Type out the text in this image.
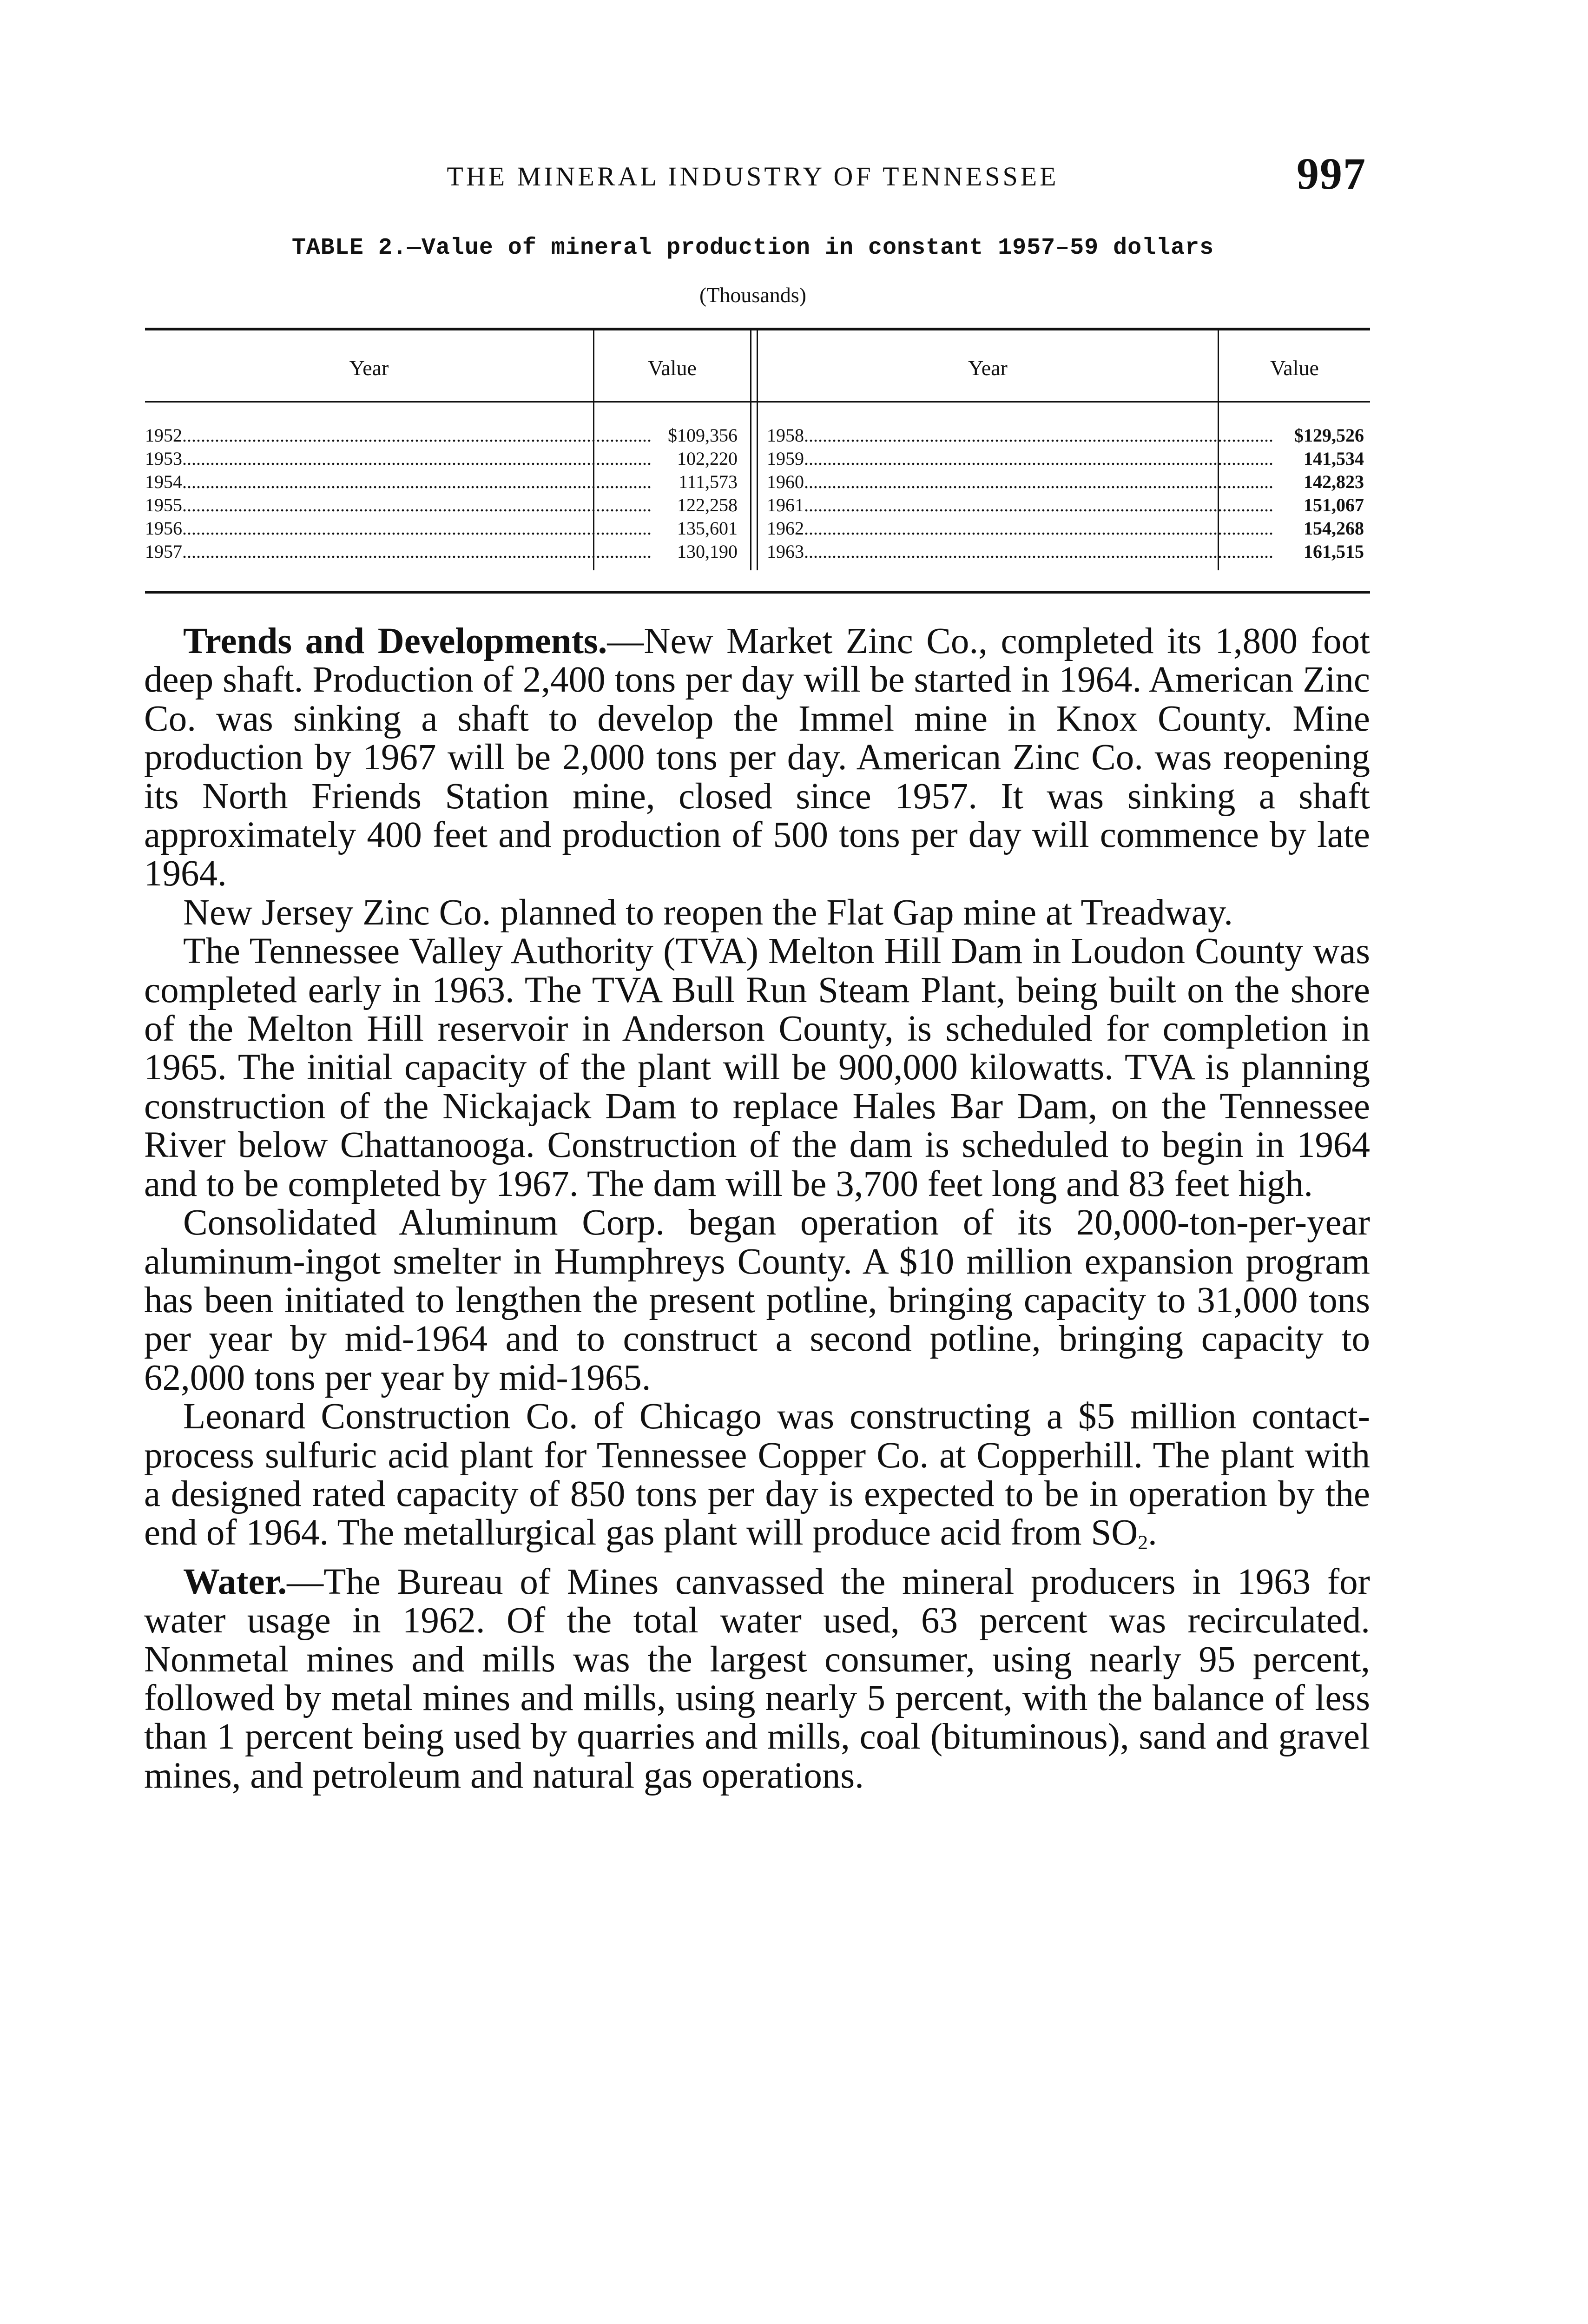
THE MINERAL INDUSTRY OF TENNESSEE	997
TABLE 2.—Value of mineral production in constant 1957–59 dollars
(Thousands)
Year	Value	Year	Value
1952..................................................................................................... $109,356 1958.....................................................................................................	$129,526
1953.....................................................................................................	102,220 1959.....................................................................................................	141,534
1954.....................................................................................................	111,573 1960.....................................................................................................	142,823
1955.....................................................................................................	122,258 1961.....................................................................................................	151,067
1956.....................................................................................................	135,601 1962.....................................................................................................	154,268
1957.....................................................................................................	130,190 1963.....................................................................................................	161,515

Trends and Developments.—New Market Zinc Co., completed its 1,800 foot deep shaft. Production of 2,400 tons per day will be started in 1964. American Zinc Co. was sinking a shaft to develop the Immel mine in Knox County. Mine production by 1967 will be 2,000 tons per day. American Zinc Co. was reopening its North Friends Station mine, closed since 1957. It was sinking a shaft approximately 400 feet and production of 500 tons per day will commence by late 1964.

New Jersey Zinc Co. planned to reopen the Flat Gap mine at Treadway.

The Tennessee Valley Authority (TVA) Melton Hill Dam in Loudon County was completed early in 1963. The TVA Bull Run Steam Plant, being built on the shore of the Melton Hill reservoir in Anderson County, is scheduled for completion in 1965. The initial capacity of the plant will be 900,000 kilowatts. TVA is planning construction of the Nickajack Dam to replace Hales Bar Dam, on the Tennessee River below Chattanooga. Construction of the dam is scheduled to begin in 1964 and to be completed by 1967. The dam will be 3,700 feet long and 83 feet high.

Consolidated Aluminum Corp. began operation of its 20,000-ton-per-year aluminum-ingot smelter in Humphreys County. A $10 million expansion program has been initiated to lengthen the present potline, bringing capacity to 31,000 tons per year by mid-1964 and to construct a second potline, bringing capacity to 62,000 tons per year by mid-1965.

Leonard Construction Co. of Chicago was constructing a $5 million contact-process sulfuric acid plant for Tennessee Copper Co. at Copperhill. The plant with a designed rated capacity of 850 tons per day is expected to be in operation by the end of 1964. The metallurgical gas plant will produce acid from $SO_2$.

Water.—The Bureau of Mines canvassed the mineral producers in 1963 for water usage in 1962. Of the total water used, 63 percent was recirculated. Nonmetal mines and mills was the largest consumer, using nearly 95 percent, followed by metal mines and mills, using nearly 5 percent, with the balance of less than 1 percent being used by quarries and mills, coal (bituminous), sand and gravel mines, and petroleum and natural gas operations.
